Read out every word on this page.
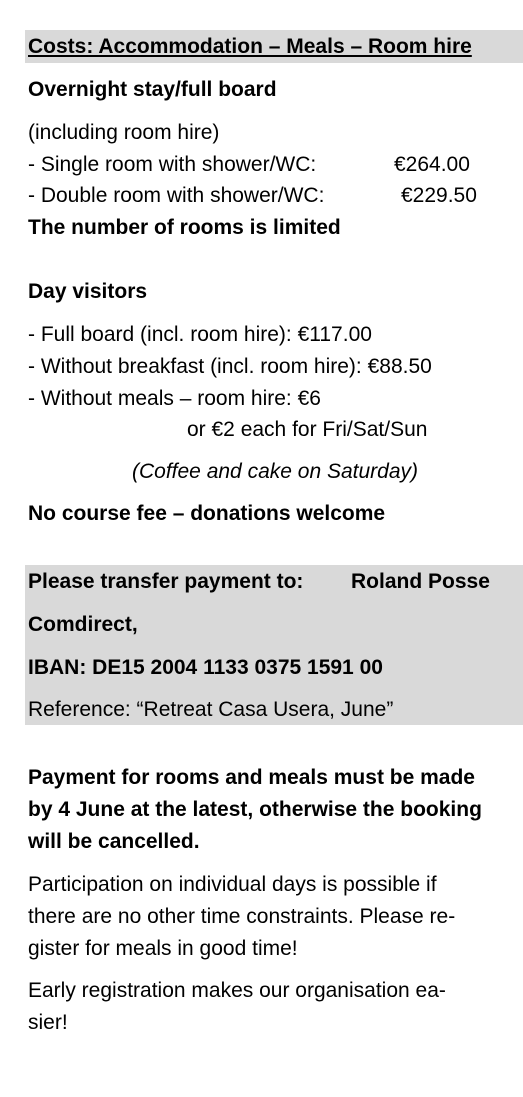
Costs: Accommodation – Meals – Room hire
Overnight stay/full board
(including room hire)
- Single room with shower/WC:	€264.00
- Double room with shower/WC:	€229.50
The number of rooms is limited
Day visitors
- Full board (incl. room hire): €117.00
- Without breakfast (incl. room hire): €88.50
- Without meals – room hire: €6
or €2 each for Fri/Sat/Sun
(Coffee and cake on Saturday)
No course fee – donations welcome
Please transfer payment to: Roland Posse
Comdirect,
IBAN: DE15 2004 1133 0375 1591 00
Reference: “Retreat Casa Usera, June”
Payment for rooms and meals must be made
by 4 June at the latest, otherwise the booking
will be cancelled.
Participation on individual days is possible if
there are no other time constraints. Please re-
gister for meals in good time!
Early registration makes our organisation ea-
sier!
